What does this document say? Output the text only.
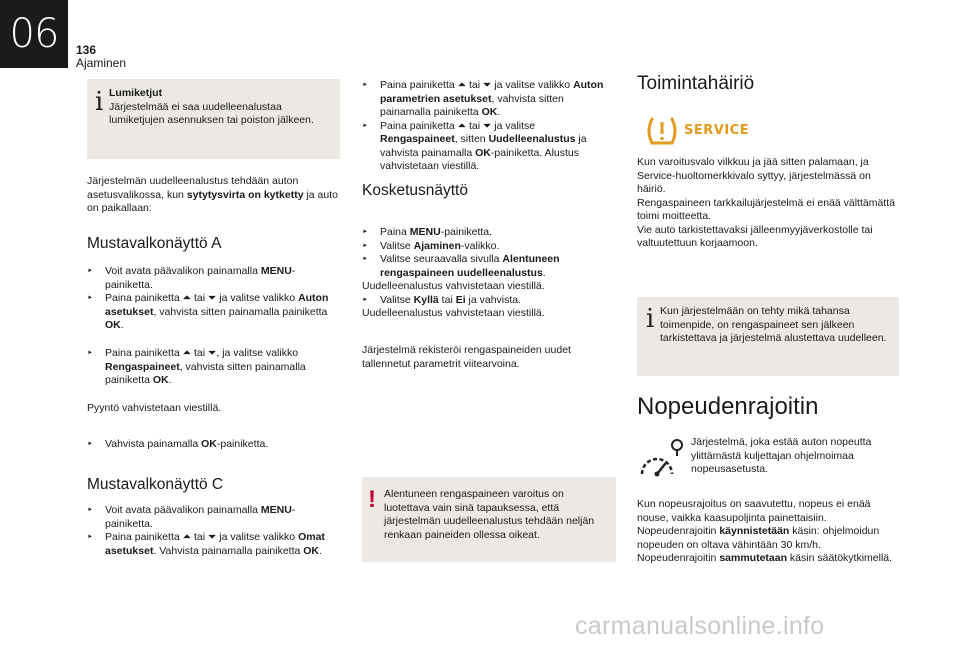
06	136
Ajaminen
i Lumiketjut
Järjestelmää ei saa uudelleenalustaa lumiketjujen asennuksen tai poiston jälkeen.
Järjestelmän uudelleenalustus tehdään auton asetusvalikossa, kun sytytysvirta on kytketty ja auto on paikallaan:
Mustavalkonäyttö A
‣ Voit avata päävalikon painamalla MENU-painiketta.
‣ Paina painiketta ⏶ tai ⏷ ja valitse valikko Auton asetukset, vahvista sitten painamalla painiketta OK.
‣ Paina painiketta ⏶ tai ⏷, ja valitse valikko Rengaspaineet, vahvista sitten painamalla painiketta OK.
Pyyntö vahvistetaan viestillä.
‣ Vahvista painamalla OK-painiketta.
Mustavalkonäyttö C
‣ Voit avata päävalikon painamalla MENU-painiketta.
‣ Paina painiketta ⏶ tai ⏷ ja valitse valikko Omat asetukset. Vahvista painamalla painiketta OK.
‣ Paina painiketta ⏶ tai ⏷ ja valitse valikko Auton parametrien asetukset, vahvista sitten painamalla painiketta OK.
‣ Paina painiketta ⏶ tai ⏷ ja valitse Rengaspaineet, sitten Uudelleenalustus ja vahvista painamalla OK-painiketta. Alustus vahvistetaan viestillä.
Kosketusnäyttö
‣ Paina MENU-painiketta.
‣ Valitse Ajaminen-valikko.
‣ Valitse seuraavalla sivulla Alentuneen rengaspaineen uudelleenalustus.
Uudelleenalustus vahvistetaan viestillä.
‣ Valitse Kyllä tai Ei ja vahvista.
Uudelleenalustus vahvistetaan viestillä.
Järjestelmä rekisteröi rengaspaineiden uudet tallennetut parametrit viitearvoina.
! Alentuneen rengaspaineen varoitus on luotettava vain sinä tapauksessa, että järjestelmän uudelleenalustus tehdään neljän renkaan paineiden ollessa oikeat.
Toimintahäiriö
SERVICE
Kun varoitusvalo vilkkuu ja jää sitten palamaan, ja Service-huoltomerkkivalo syttyy, järjestelmässä on häiriö.
Rengaspaineen tarkkailujärjestelmä ei enää välttämättä toimi moitteetta.
Vie auto tarkistettavaksi jälleenmyyjäverkostolle tai valtuutettuun korjaamoon.
i Kun järjestelmään on tehty mikä tahansa toimenpide, on rengaspaineet sen jälkeen tarkistettava ja järjestelmä alustettava uudelleen.
Nopeudenrajoitin
Järjestelmä, joka estää auton nopeutta ylittämästä kuljettajan ohjelmoimaa nopeusasetusta.
Kun nopeusrajoitus on saavutettu, nopeus ei enää nouse, vaikka kaasupoljinta painettaisiin.
Nopeudenrajoitin käynnistetään käsin: ohjelmoidun nopeuden on oltava vähintään 30 km/h.
Nopeudenrajoitin sammutetaan käsin säätökytkimellä.
carmanualsonline.info
